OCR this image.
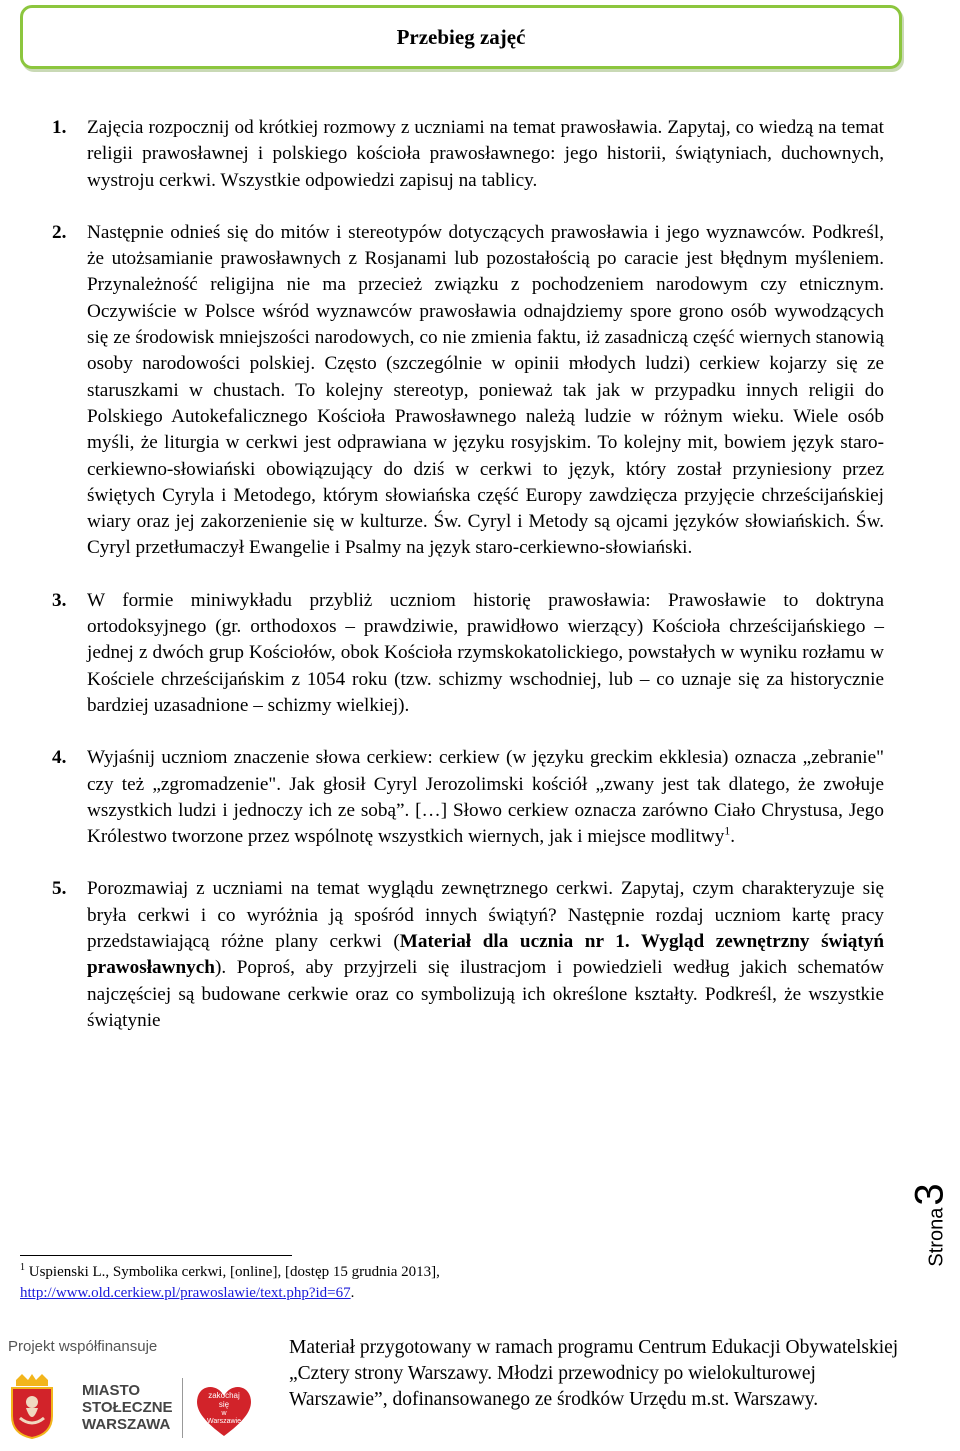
Przebieg zajęć
1. Zajęcia rozpocznij od krótkiej rozmowy z uczniami na temat prawosławia. Zapytaj, co wiedzą na temat religii prawosławnej i polskiego kościoła prawosławnego: jego historii, świątyniach, duchownych, wystroju cerkwi. Wszystkie odpowiedzi zapisuj na tablicy.
2. Następnie odnieś się do mitów i stereotypów dotyczących prawosławia i jego wyznawców. Podkreśl, że utożsamianie prawosławnych z Rosjanami lub pozostałością po caracie jest błędnym myśleniem. Przynależność religijna nie ma przecież związku z pochodzeniem narodowym czy etnicznym. Oczywiście w Polsce wśród wyznawców prawosławia odnajdziemy spore grono osób wywodzących się ze środowisk mniejszości narodowych, co nie zmienia faktu, iż zasadniczą część wiernych stanowią osoby narodowości polskiej. Często (szczególnie w opinii młodych ludzi) cerkiew kojarzy się ze staruszkami w chustach. To kolejny stereotyp, ponieważ tak jak w przypadku innych religii do Polskiego Autokefalicznego Kościoła Prawosławnego należą ludzie w różnym wieku. Wiele osób myśli, że liturgia w cerkwi jest odprawiana w języku rosyjskim. To kolejny mit, bowiem język staro-cerkiewno-słowiański obowiązujący do dziś w cerkwi to język, który został przyniesiony przez świętych Cyryla i Metodego, którym słowiańska część Europy zawdzięcza przyjęcie chrześcijańskiej wiary oraz jej zakorzenienie się w kulturze. Św. Cyryl i Metody są ojcami języków słowiańskich. Św. Cyryl przetłumaczył Ewangelie i Psalmy na język staro-cerkiewno-słowiański.
3. W formie miniwykładu przybliż uczniom historię prawosławia: Prawosławie to doktryna ortodoksyjnego (gr. orthodoxos – prawdziwie, prawidłowo wierzący) Kościoła chrześcijańskiego – jednej z dwóch grup Kościołów, obok Kościoła rzymskokatolickiego, powstałych w wyniku rozłamu w Kościele chrześcijańskim z 1054 roku (tzw. schizmy wschodniej, lub – co uznaje się za historycznie bardziej uzasadnione – schizmy wielkiej).
4. Wyjaśnij uczniom znaczenie słowa cerkiew: cerkiew (w języku greckim ekklesia) oznacza „zebranie" czy też „zgromadzenie". Jak głosił Cyryl Jerozolimski kościół „zwany jest tak dlatego, że zwołuje wszystkich ludzi i jednoczy ich ze sobą”. […] Słowo cerkiew oznacza zarówno Ciało Chrystusa, Jego Królestwo tworzone przez wspólnotę wszystkich wiernych, jak i miejsce modlitwy$^1$.
5. Porozmawiaj z uczniami na temat wyglądu zewnętrznego cerkwi. Zapytaj, czym charakteryzuje się bryła cerkwi i co wyróżnia ją spośród innych świątyń? Następnie rozdaj uczniom kartę pracy przedstawiającą różne plany cerkwi (Materiał dla ucznia nr 1. Wygląd zewnętrzny świątyń prawosławnych). Poproś, aby przyjrzeli się ilustracjom i powiedzieli według jakich schematów najczęściej są budowane cerkwie oraz co symbolizują ich określone kształty. Podkreśl, że wszystkie świątynie
$^1$ Uspienski L., Symbolika cerkwi, [online], [dostęp 15 grudnia 2013],
http://www.old.cerkiew.pl/prawoslawie/text.php?id=67.
Strona
3
Projekt współfinansuje
MIASTO
STOŁECZNE
WARSZAWA
zakochaj
się
w
Warszawie
Materiał przygotowany w ramach programu Centrum Edukacji Obywatelskiej „Cztery strony Warszawy. Młodzi przewodnicy po wielokulturowej Warszawie”, dofinansowanego ze środków Urzędu m.st. Warszawy.
